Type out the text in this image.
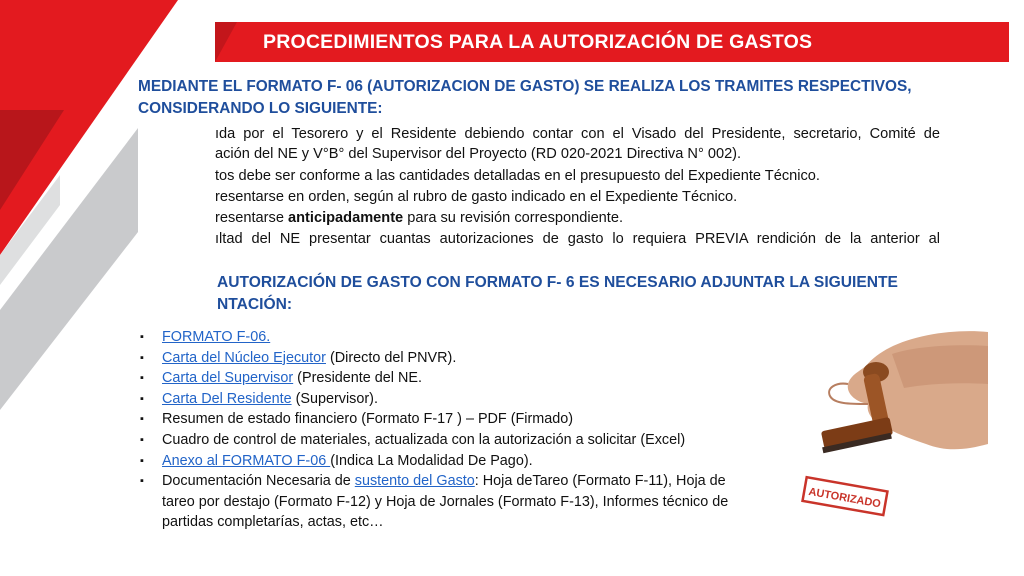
PROCEDIMIENTOS PARA LA AUTORIZACIÓN DE GASTOS
MEDIANTE EL FORMATO F- 06 (AUTORIZACION DE GASTO) SE REALIZA LOS TRAMITES RESPECTIVOS,
CONSIDERANDO LO SIGUIENTE:
ıda por el Tesorero y el Residente debiendo contar con el Visado del Presidente, secretario, Comité de
ación del NE y V°B° del Supervisor del Proyecto (RD 020-2021 Directiva N° 002).
tos debe ser conforme a las cantidades detalladas en el presupuesto del Expediente Técnico.
resentarse en orden, según al rubro de gasto indicado en el Expediente Técnico.
resentarse anticipadamente para su revisión correspondiente.
ıltad del NE presentar cuantas autorizaciones de gasto lo requiera PREVIA rendición de la anterior al
AUTORIZACIÓN DE GASTO CON FORMATO F- 6 ES NECESARIO ADJUNTAR LA SIGUIENTE
NTACIÓN:
▪ FORMATO F-06.
▪ Carta del Núcleo Ejecutor (Directo del PNVR).
▪ Carta del Supervisor (Presidente del NE.
▪ Carta Del Residente (Supervisor).
▪ Resumen de estado financiero (Formato F-17 ) – PDF (Firmado)
▪ Cuadro de control de materiales, actualizada con la autorización a solicitar (Excel)
▪ Anexo al FORMATO F-06 (Indica La Modalidad De Pago).
▪ Documentación Necesaria de sustento del Gasto: Hoja deTareo (Formato F-11), Hoja de
tareo por destajo (Formato F-12) y Hoja de Jornales (Formato F-13), Informes técnico de
partidas completarías, actas, etc…
AUTORIZADO
